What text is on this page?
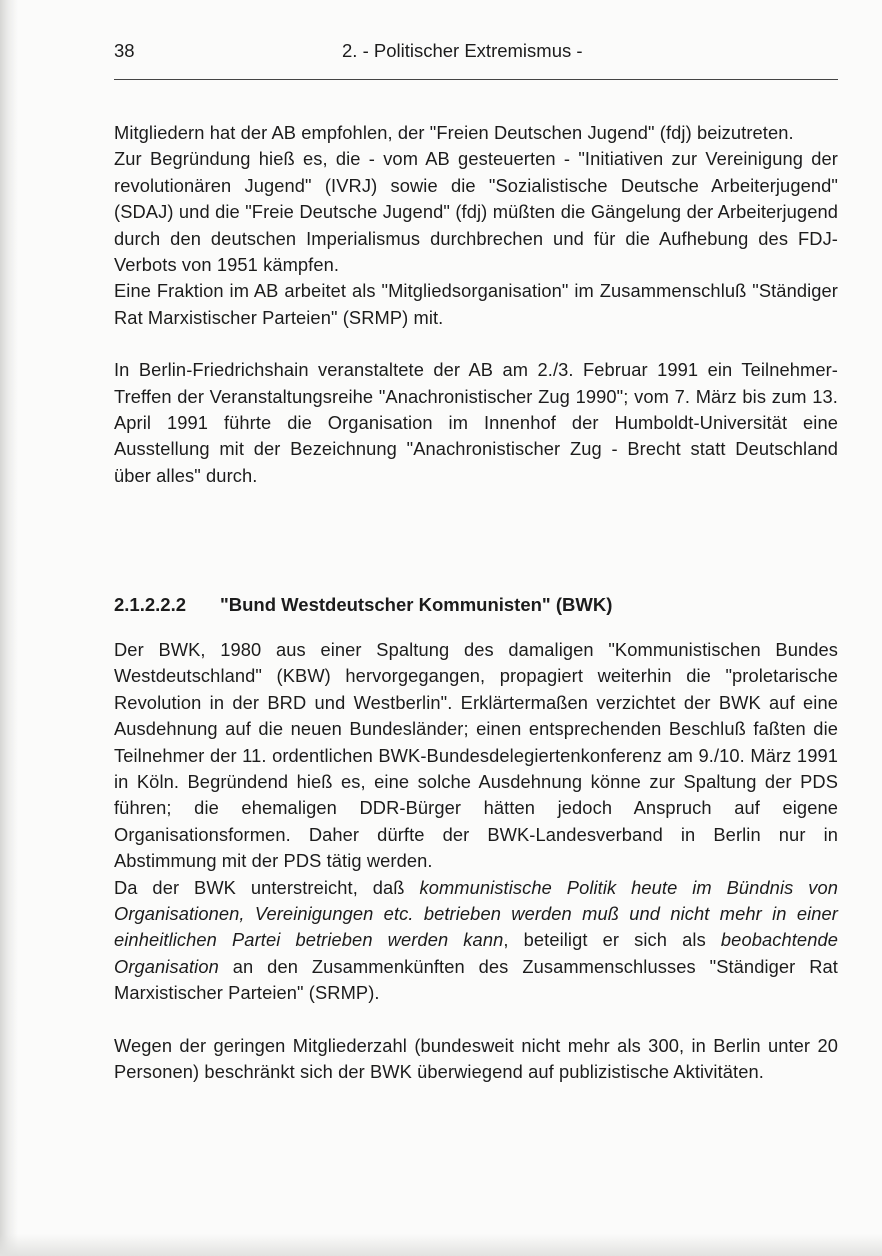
38	2. - Politischer Extremismus -

Mitgliedern hat der AB empfohlen, der "Freien Deutschen Jugend" (fdj) beizutreten.

Zur Begründung hieß es, die - vom AB gesteuerten - "Initiativen zur Vereinigung der revolutionären Jugend" (IVRJ) sowie die "Sozialistische Deutsche Arbeiterjugend" (SDAJ) und die "Freie Deutsche Jugend" (fdj) müßten die Gängelung der Arbeiterjugend durch den deutschen Imperialismus durchbrechen und für die Aufhebung des FDJ-Verbots von 1951 kämpfen.

Eine Fraktion im AB arbeitet als "Mitgliedsorganisation" im Zusammenschluß "Ständiger Rat Marxistischer Parteien" (SRMP) mit.

In Berlin-Friedrichshain veranstaltete der AB am 2./3. Februar 1991 ein Teilnehmer-Treffen der Veranstaltungsreihe "Anachronistischer Zug 1990"; vom 7. März bis zum 13. April 1991 führte die Organisation im Innenhof der Humboldt-Universität eine Ausstellung mit der Bezeichnung "Anachronistischer Zug - Brecht statt Deutschland über alles" durch.

2.1.2.2.2 "Bund Westdeutscher Kommunisten" (BWK)

Der BWK, 1980 aus einer Spaltung des damaligen "Kommunistischen Bundes Westdeutschland" (KBW) hervorgegangen, propagiert weiterhin die "proletarische Revolution in der BRD und Westberlin". Erklärtermaßen verzichtet der BWK auf eine Ausdehnung auf die neuen Bundesländer; einen entsprechenden Beschluß faßten die Teilnehmer der 11. ordentlichen BWK-Bundesdelegiertenkonferenz am 9./10. März 1991 in Köln. Begründend hieß es, eine solche Ausdehnung könne zur Spaltung der PDS führen; die ehemaligen DDR-Bürger hätten jedoch Anspruch auf eigene Organisationsformen. Daher dürfte der BWK-Landesverband in Berlin nur in Abstimmung mit der PDS tätig werden.

Da der BWK unterstreicht, daß kommunistische Politik heute im Bündnis von Organisationen, Vereinigungen etc. betrieben werden muß und nicht mehr in einer einheitlichen Partei betrieben werden kann, beteiligt er sich als beobachtende Organisation an den Zusammenkünften des Zusammenschlusses "Ständiger Rat Marxistischer Parteien" (SRMP).

Wegen der geringen Mitgliederzahl (bundesweit nicht mehr als 300, in Berlin unter 20 Personen) beschränkt sich der BWK überwiegend auf publizistische Aktivitäten.
